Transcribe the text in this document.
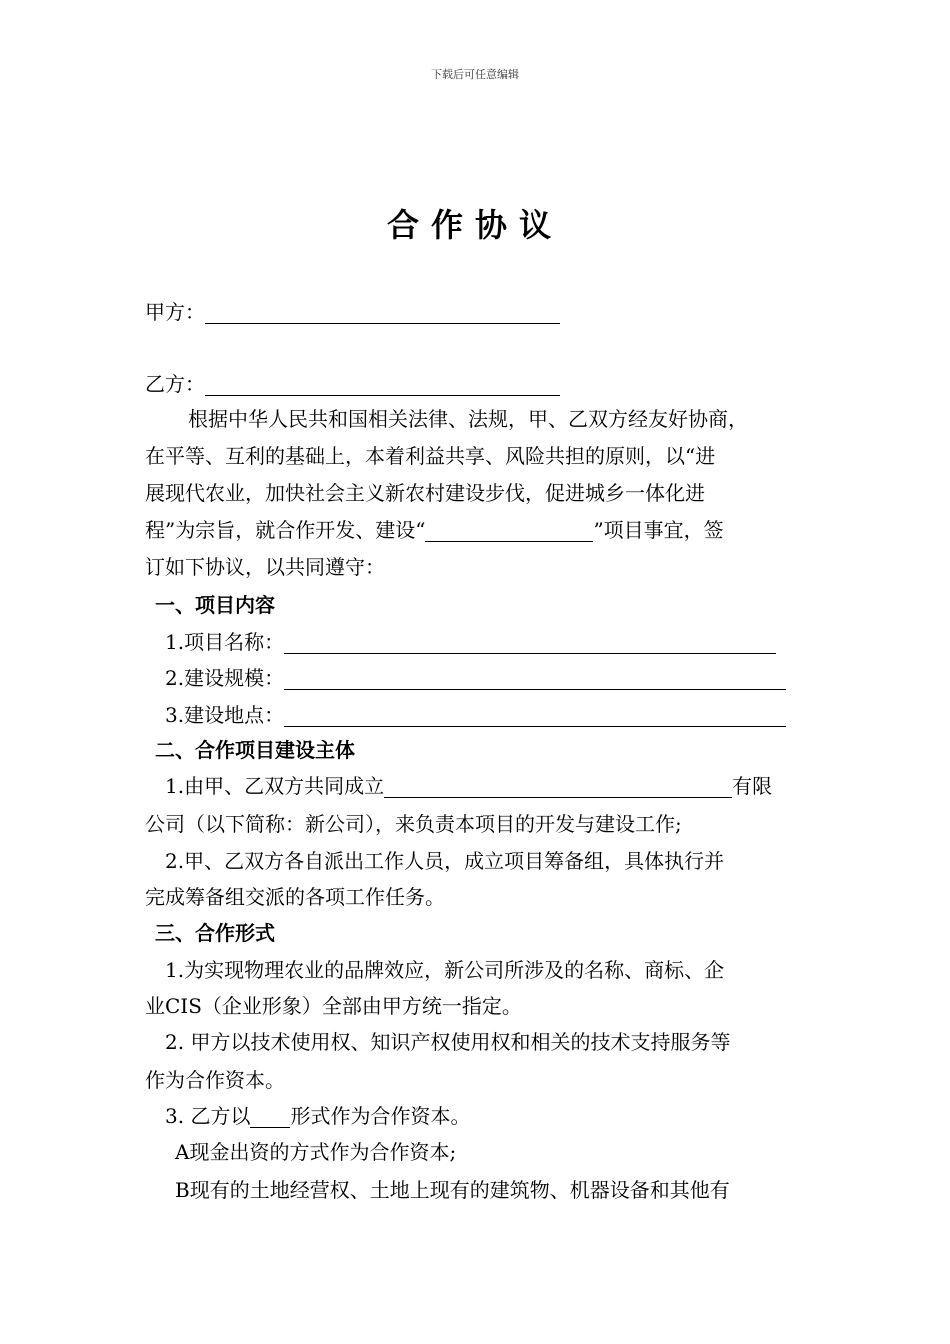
下载后可任意编辑
合作协议
甲方：
乙方：
根据中华人民共和国相关法律、法规，甲、乙双方经友好协商，
在平等、互利的基础上，本着利益共享、风险共担的原则，以“进
展现代农业，加快社会主义新农村建设步伐，促进城乡一体化进
程”为宗旨，就合作开发、建设“	”项目事宜，签
订如下协议，以共同遵守：
一、项目内容
1.项目名称：
2.建设规模：
3.建设地点：
二、合作项目建设主体
1.由甲、乙双方共同成立	有限
公司（以下简称：新公司），来负责本项目的开发与建设工作;
2.甲、乙双方各自派出工作人员，成立项目筹备组，具体执行并
完成筹备组交派的各项工作任务。
三、合作形式
1.为实现物理农业的品牌效应，新公司所涉及的名称、商标、企
业CIS（企业形象）全部由甲方统一指定。
2. 甲方以技术使用权、知识产权使用权和相关的技术支持服务等
作为合作资本。
3. 乙方以 形式作为合作资本。
A现金出资的方式作为合作资本;
B现有的土地经营权、土地上现有的建筑物、机器设备和其他有
